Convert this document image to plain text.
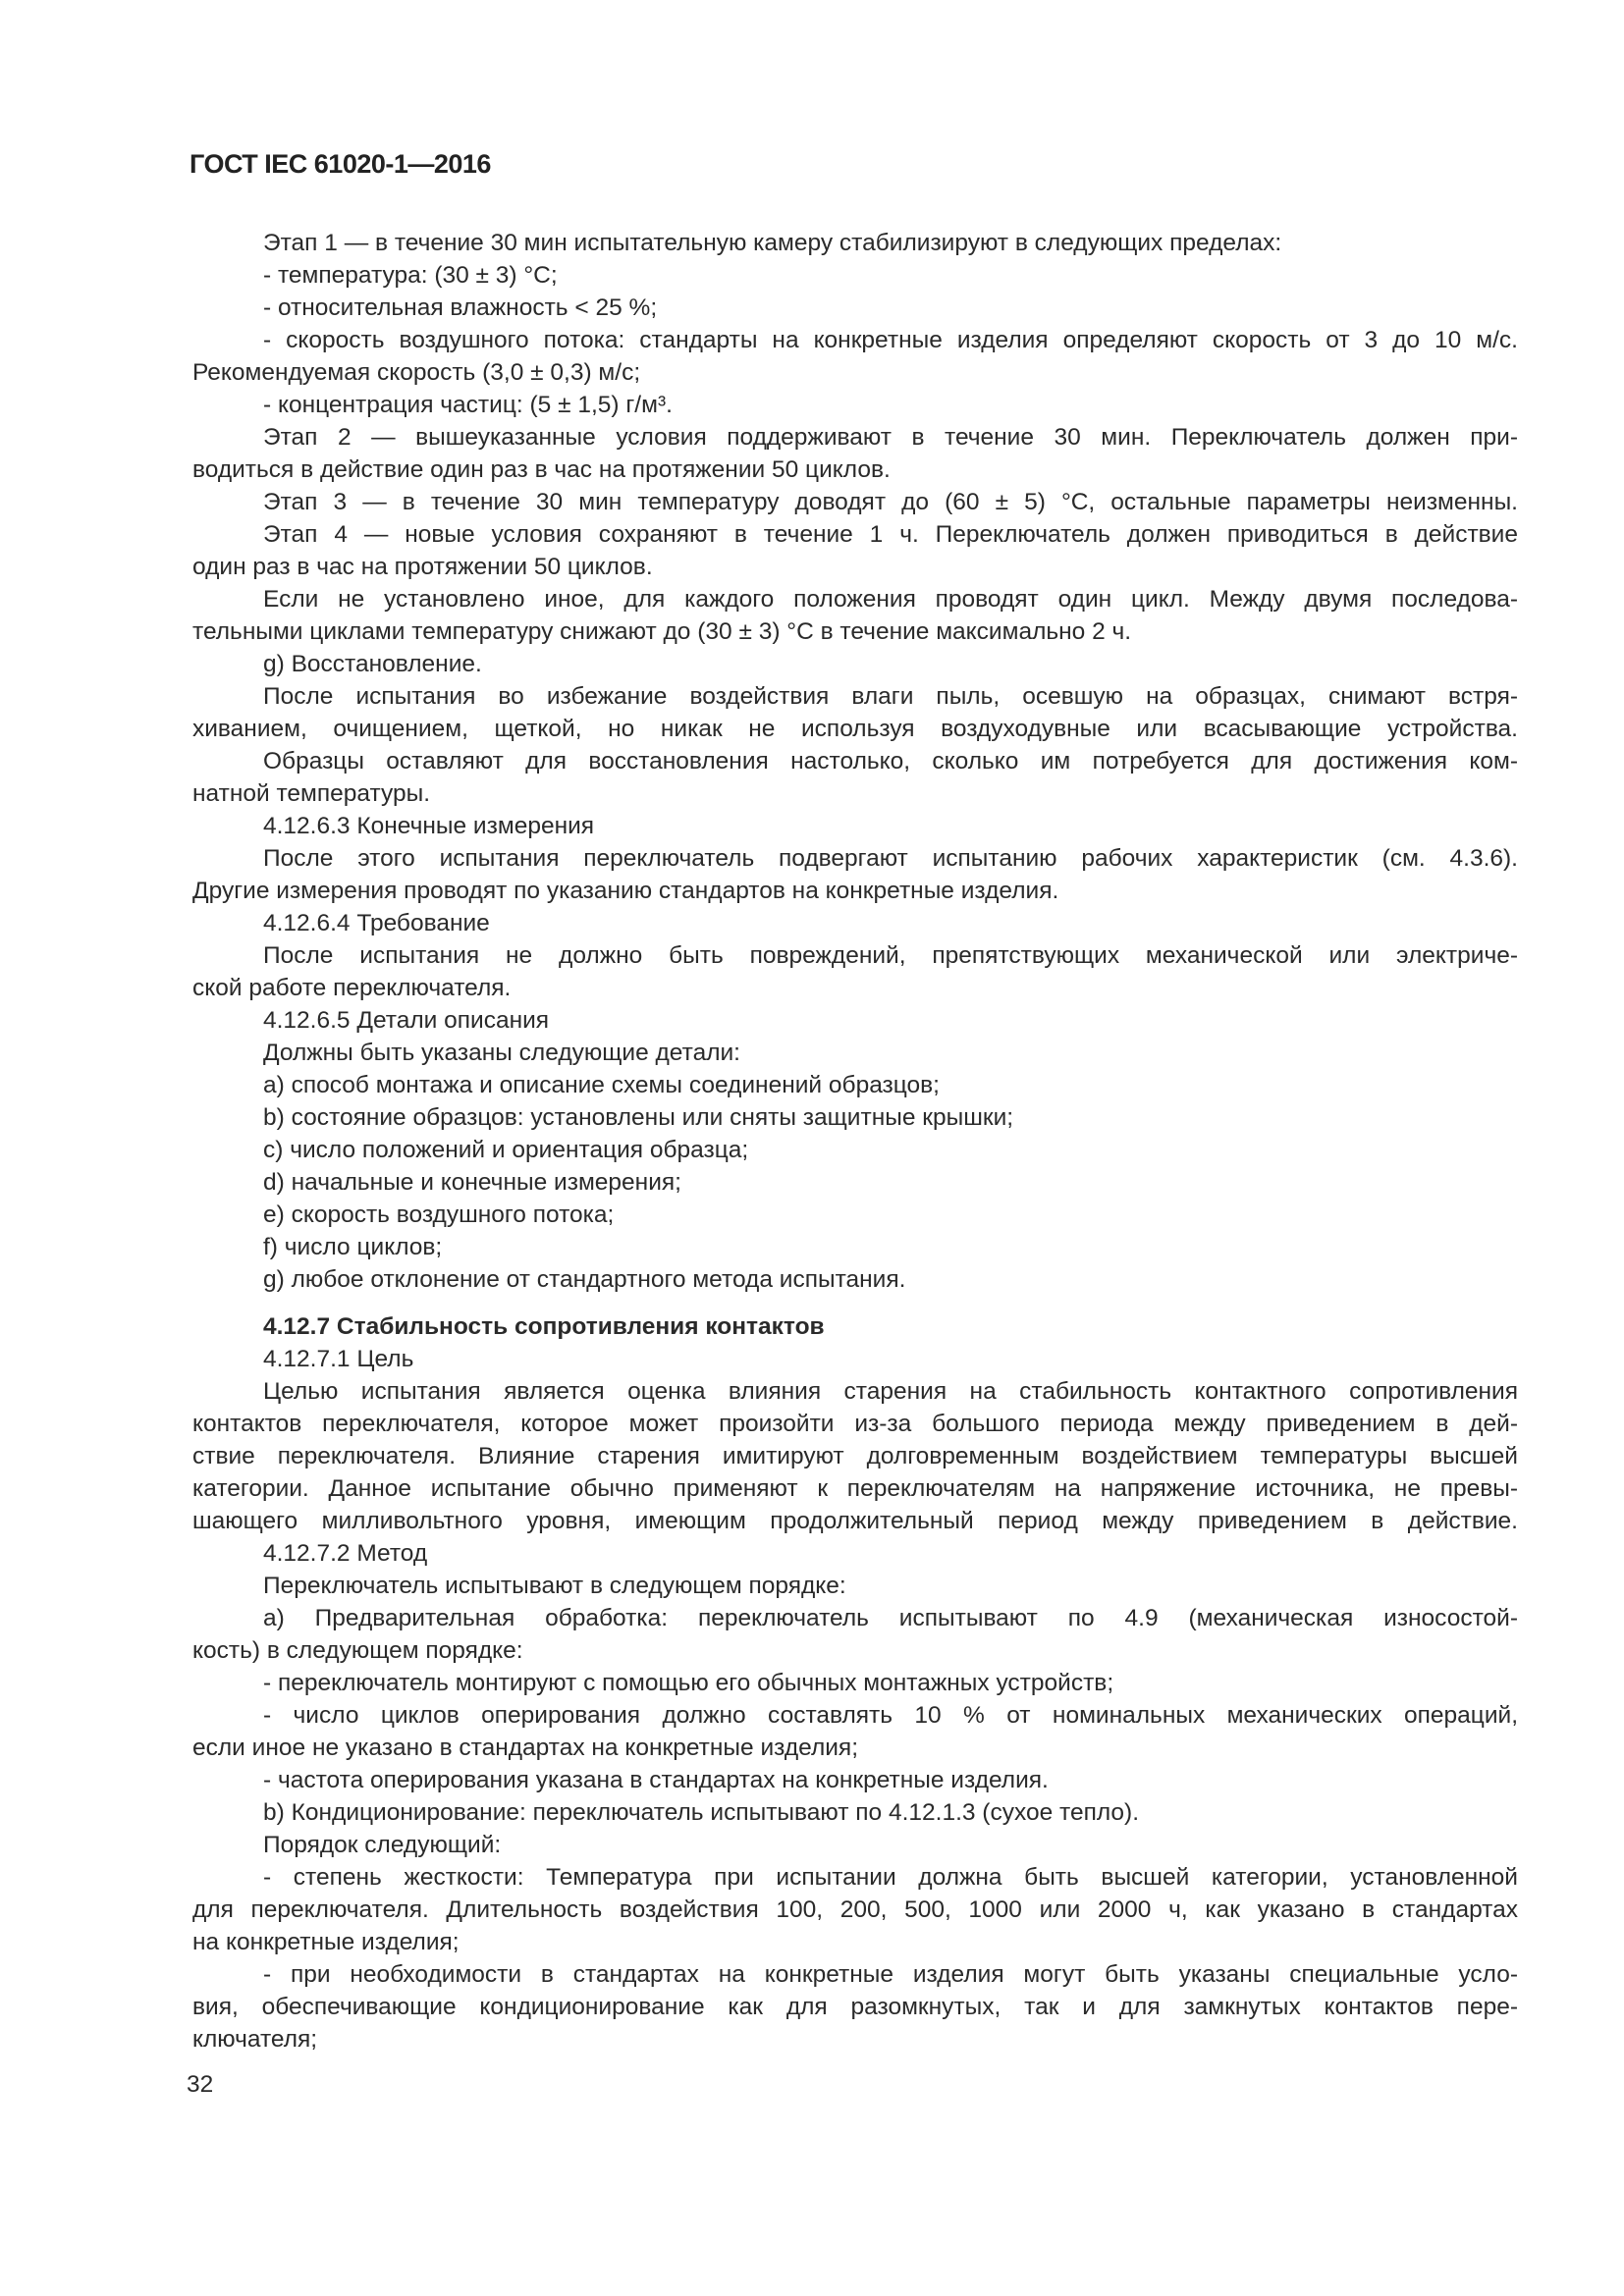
ГОСТ IEC 61020-1—2016
Этап 1 — в течение 30 мин испытательную камеру стабилизируют в следующих пределах:
- температура: (30 ± 3) °C;
- относительная влажность < 25 %;
- скорость воздушного потока: стандарты на конкретные изделия определяют скорость от 3 до 10 м/с.
Рекомендуемая скорость (3,0 ± 0,3) м/с;
- концентрация частиц: (5 ± 1,5) г/м³.
Этап 2 — вышеуказанные условия поддерживают в течение 30 мин. Переключатель должен при-
водиться в действие один раз в час на протяжении 50 циклов.
Этап 3 — в течение 30 мин температуру доводят до (60 ± 5) °C, остальные параметры неизменны.
Этап 4 — новые условия сохраняют в течение 1 ч. Переключатель должен приводиться в действие
один раз в час на протяжении 50 циклов.
Если не установлено иное, для каждого положения проводят один цикл. Между двумя последова-
тельными циклами температуру снижают до (30 ± 3) °C в течение максимально 2 ч.
g) Восстановление.
После испытания во избежание воздействия влаги пыль, осевшую на образцах, снимают встря-
хиванием, очищением, щеткой, но никак не используя воздуходувные или всасывающие устройства.
Образцы оставляют для восстановления настолько, сколько им потребуется для достижения ком-
натной температуры.
4.12.6.3 Конечные измерения
После этого испытания переключатель подвергают испытанию рабочих характеристик (см. 4.3.6).
Другие измерения проводят по указанию стандартов на конкретные изделия.
4.12.6.4 Требование
После испытания не должно быть повреждений, препятствующих механической или электриче-
ской работе переключателя.
4.12.6.5 Детали описания
Должны быть указаны следующие детали:
a) способ монтажа и описание схемы соединений образцов;
b) состояние образцов: установлены или сняты защитные крышки;
c) число положений и ориентация образца;
d) начальные и конечные измерения;
e) скорость воздушного потока;
f) число циклов;
g) любое отклонение от стандартного метода испытания.
4.12.7 Стабильность сопротивления контактов
4.12.7.1 Цель
Целью испытания является оценка влияния старения на стабильность контактного сопротивления
контактов переключателя, которое может произойти из-за большого периода между приведением в дей-
ствие переключателя. Влияние старения имитируют долговременным воздействием температуры высшей
категории. Данное испытание обычно применяют к переключателям на напряжение источника, не превы-
шающего милливольтного уровня, имеющим продолжительный период между приведением в действие.
4.12.7.2 Метод
Переключатель испытывают в следующем порядке:
a) Предварительная обработка: переключатель испытывают по 4.9 (механическая износостой-
кость) в следующем порядке:
- переключатель монтируют с помощью его обычных монтажных устройств;
- число циклов оперирования должно составлять 10 % от номинальных механических операций,
если иное не указано в стандартах на конкретные изделия;
- частота оперирования указана в стандартах на конкретные изделия.
b) Кондиционирование: переключатель испытывают по 4.12.1.3 (сухое тепло).
Порядок следующий:
- степень жесткости: Температура при испытании должна быть высшей категории, установленной
для переключателя. Длительность воздействия 100, 200, 500, 1000 или 2000 ч, как указано в стандартах
на конкретные изделия;
- при необходимости в стандартах на конкретные изделия могут быть указаны специальные усло-
вия, обеспечивающие кондиционирование как для разомкнутых, так и для замкнутых контактов пере-
ключателя;
32
